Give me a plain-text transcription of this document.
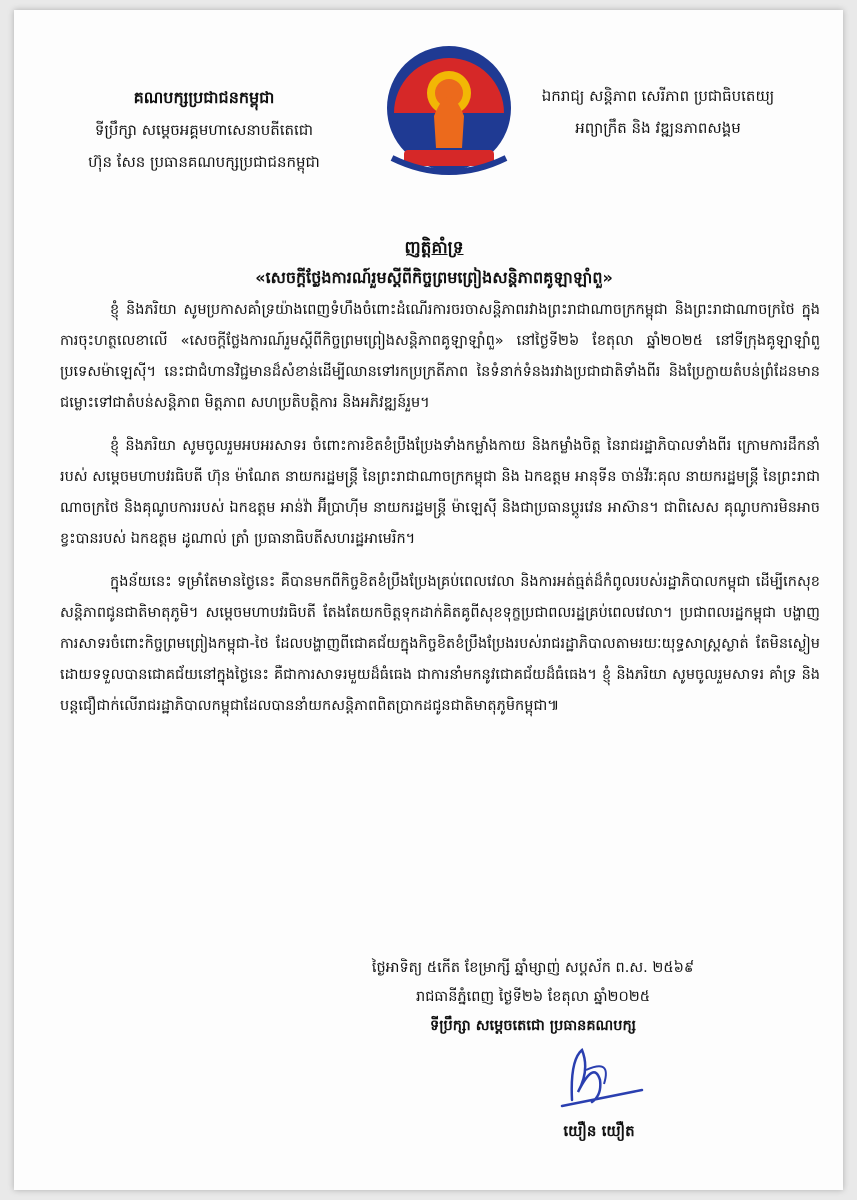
គណបក្សប្រជាជនកម្ពុជា
ទីប្រឹក្សា សម្ដេចអគ្គមហាសេនាបតីតេជោ
ហ៊ុន សែន ប្រធានគណបក្សប្រជាជនកម្ពុជា
ឯករាជ្យ សន្តិភាព សេរីភាព ប្រជាធិបតេយ្យ
អព្យាក្រឹត និង វឌ្ឍនភាពសង្គម
ញត្តិគាំទ្រ
«សេចក្តីថ្លែងការណ៍រួមស្តីពីកិច្ចព្រមព្រៀងសន្តិភាពគូឡាឡាំពួ»

ខ្ញុំ និងភរិយា សូមប្រកាសគាំទ្រយ៉ាងពេញទំហឹងចំពោះដំណើរការចរចាសន្តិភាពរវាងព្រះរាជាណាចក្រកម្ពុជា និងព្រះរាជាណាចក្រថៃ ក្នុងការចុះហត្ថលេខាលើ «សេចក្តីថ្លែងការណ៍រួមស្តីពីកិច្ចព្រមព្រៀងសន្តិភាពគូឡាឡាំពួ» នៅថ្ងៃទី២៦ ខែតុលា ឆ្នាំ២០២៥ នៅទីក្រុងគូឡាឡាំពួ ប្រទេសម៉ាឡេស៊ី។ នេះជាជំហានវិជ្ជមានដ៏សំខាន់ដើម្បីឈានទៅរកប្រក្រតីភាព នៃទំនាក់ទំនងរវាងប្រជាជាតិទាំងពីរ និងប្រែក្លាយតំបន់ព្រំដែនមានជម្លោះទៅជាតំបន់សន្តិភាព មិត្តភាព សហប្រតិបត្តិការ និងអភិវឌ្ឍន៍រួម។

ខ្ញុំ និងភរិយា សូមចូលរួមអបអរសាទរ ចំពោះការខិតខំប្រឹងប្រែងទាំងកម្លាំងកាយ និងកម្លាំងចិត្ត នៃរាជរដ្ឋាភិបាលទាំងពីរ ក្រោមការដឹកនាំរបស់ សម្តេចមហាបវរធិបតី ហ៊ុន ម៉ាណែត នាយករដ្ឋមន្ត្រី នៃព្រះរាជាណាចក្រកម្ពុជា និង ឯកឧត្តម អានុទីន ចាន់វីរៈគុល នាយករដ្ឋមន្ត្រី នៃព្រះរាជាណាចក្រថៃ និងគុណូបការរបស់ ឯកឧត្តម អាន់វ៉ា អ៊ីប្រាហ៊ីម នាយករដ្ឋមន្ត្រី ម៉ាឡេស៊ី និងជាប្រធានប្ដូរវេន អាស៊ាន។ ជាពិសេស គុណូបការមិនអាចខ្វះបានរបស់ ឯកឧត្តម ដូណាល់ ត្រាំ ប្រធានាធិបតីសហរដ្ឋអាមេរិក។

ក្នុងន័យនេះ ទម្រាំតែមានថ្ងៃនេះ គឺបានមកពីកិច្ចខិតខំប្រឹងប្រែងគ្រប់ពេលវេលា និងការអត់ធ្មត់ដ៏កំពូលរបស់រដ្ឋាភិបាលកម្ពុជា ដើម្បីកេសុខសន្តិភាពជូនជាតិមាតុភូមិ។ សម្តេចមហាបវរធិបតី តែងតែយកចិត្តទុកដាក់គិតគូពីសុខទុក្ខប្រជាពលរដ្ឋគ្រប់ពេលវេលា។ ប្រជាពលរដ្ឋកម្ពុជា បង្ហាញការសាទរចំពោះកិច្ចព្រមព្រៀងកម្ពុជា-ថៃ ដែលបង្ហាញពីជោគជ័យក្នុងកិច្ចខិតខំប្រឹងប្រែងរបស់រាជរដ្ឋាភិបាលតាមរយៈយុទ្ធសាស្ត្រស្ងាត់ តែមិនស្ងៀមដោយទទួលបានជោគជ័យនៅក្នុងថ្ងៃនេះ គឺជាការសាទរមួយដ៏ធំធេង ជាការនាំមកនូវជោគជ័យដ៏ធំធេង។ ខ្ញុំ និងភរិយា សូមចូលរួមសាទរ គាំទ្រ និងបន្តជឿជាក់លើរាជរដ្ឋាភិបាលកម្ពុជាដែលបាននាំយកសន្តិភាពពិតប្រាកដជូនជាតិមាតុភូមិកម្ពុជា៕

ថ្ងៃអាទិត្យ ៥កើត ខែម្រាក្សី ឆ្នាំម្សាញ់ សប្តស័ក ព.ស. ២៥៦៩
រាជធានីភ្នំពេញ ថ្ងៃទី២៦ ខែតុលា ឆ្នាំ២០២៥
ទីប្រឹក្សា សម្តេចតេជោ ប្រធានគណបក្ស
យឿន យឿត
